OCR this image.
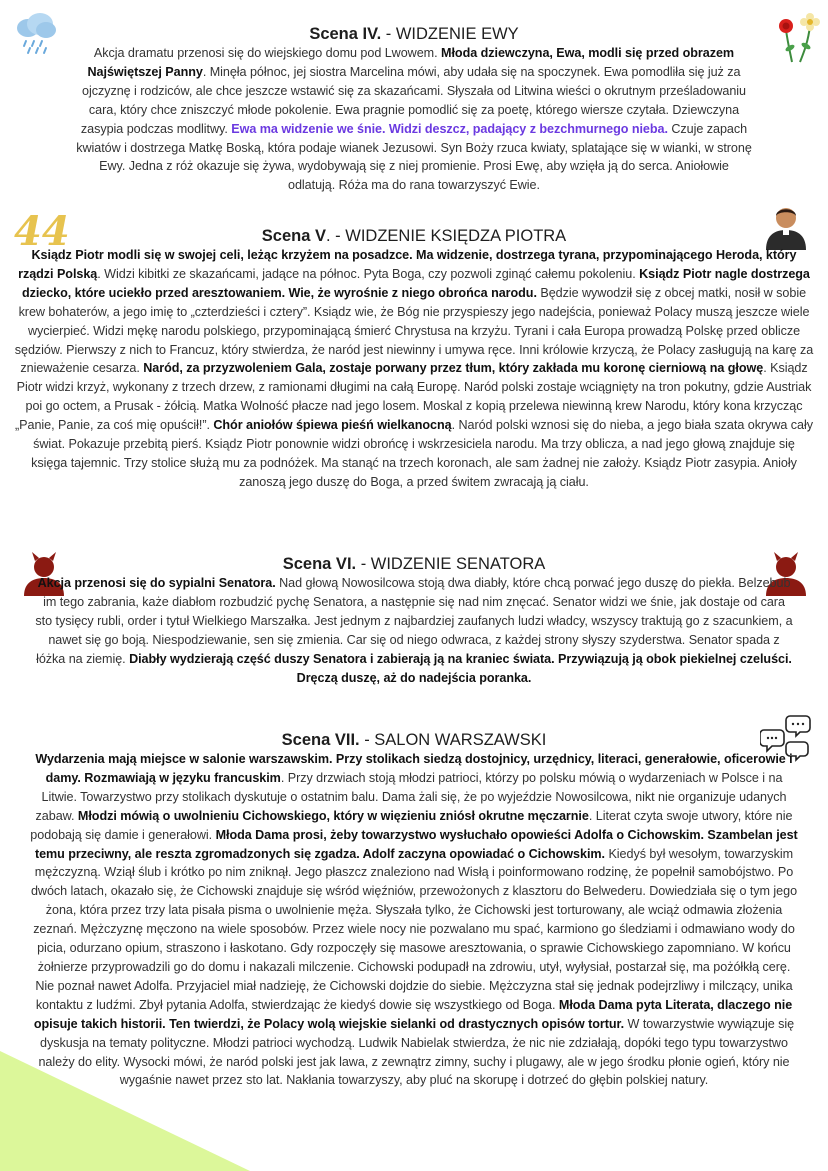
Scena IV. - WIDZENIE EWY

Akcja dramatu przenosi się do wiejskiego domu pod Lwowem. Młoda dziewczyna, Ewa, modli się przed obrazem Najświętszej Panny. Minęła północ, jej siostra Marcelina mówi, aby udała się na spoczynek. Ewa pomodliła się już za ojczyznę i rodziców, ale chce jeszcze wstawić się za skazańcami. Słyszała od Litwina wieści o okrutnym prześladowaniu cara, który chce zniszczyć młode pokolenie. Ewa pragnie pomodlić się za poetę, którego wiersze czytała. Dziewczyna zasypia podczas modlitwy. Ewa ma widzenie we śnie. Widzi deszcz, padający z bezchmurnego nieba. Czuje zapach kwiatów i dostrzega Matkę Boską, która podaje wianek Jezusowi. Syn Boży rzuca kwiaty, splatające się w wianki, w stronę Ewy. Jedna z róż okazuje się żywa, wydobywają się z niej promienie. Prosi Ewę, aby wzięła ją do serca. Aniołowie odlatują. Róża ma do rana towarzyszyć Ewie.

44	Scena V. - WIDZENIE KSIĘDZA PIOTRA

Ksiądz Piotr modli się w swojej celi, leżąc krzyżem na posadzce. Ma widzenie, dostrzega tyrana, przypominającego Heroda, który rządzi Polską. Widzi kibitki ze skazańcami, jadące na północ. Pyta Boga, czy pozwoli zginąć całemu pokoleniu. Ksiądz Piotr nagle dostrzega dziecko, które uciekło przed aresztowaniem. Wie, że wyrośnie z niego obrońca narodu. Będzie wywodził się z obcej matki, nosił w sobie krew bohaterów, a jego imię to „czterdzieści i cztery”. Ksiądz wie, że Bóg nie przyspieszy jego nadejścia, ponieważ Polacy muszą jeszcze wiele wycierpieć. Widzi mękę narodu polskiego, przypominającą śmierć Chrystusa na krzyżu. Tyrani i cała Europa prowadzą Polskę przed oblicze sędziów. Pierwszy z nich to Francuz, który stwierdza, że naród jest niewinny i umywa ręce. Inni królowie krzyczą, że Polacy zasługują na karę za znieważenie cesarza. Naród, za przyzwoleniem Gala, zostaje porwany przez tłum, który zakłada mu koronę cierniową na głowę. Ksiądz Piotr widzi krzyż, wykonany z trzech drzew, z ramionami długimi na całą Europę. Naród polski zostaje wciągnięty na tron pokutny, gdzie Austriak poi go octem, a Prusak - żółcią. Matka Wolność płacze nad jego losem. Moskal z kopią przelewa niewinną krew Narodu, który kona krzycząc „Panie, Panie, za coś mię opuścił!”. Chór aniołów śpiewa pieśń wielkanocną. Naród polski wznosi się do nieba, a jego biała szata okrywa cały świat. Pokazuje przebitą pierś. Ksiądz Piotr ponownie widzi obrońcę i wskrzesiciela narodu. Ma trzy oblicza, a nad jego głową znajduje się księga tajemnic. Trzy stolice służą mu za podnóżek. Ma stanąć na trzech koronach, ale sam żadnej nie założy. Ksiądz Piotr zasypia. Anioły zanoszą jego duszę do Boga, a przed świtem zwracają ją ciału.

Scena VI. - WIDZENIE SENATORA

Akcja przenosi się do sypialni Senatora. Nad głową Nowosilcowa stoją dwa diabły, które chcą porwać jego duszę do piekła. Belzebub im tego zabrania, każe diabłom rozbudzić pychę Senatora, a następnie się nad nim znęcać. Senator widzi we śnie, jak dostaje od cara sto tysięcy rubli, order i tytuł Wielkiego Marszałka. Jest jednym z najbardziej zaufanych ludzi władcy, wszyscy traktują go z szacunkiem, a nawet się go boją. Niespodziewanie, sen się zmienia. Car się od niego odwraca, z każdej strony słyszy szyderstwa. Senator spada z łóżka na ziemię. Diabły wydzierają część duszy Senatora i zabierają ją na kraniec świata. Przywiązują ją obok piekielnej czeluści. Dręczą duszę, aż do nadejścia poranka.

Scena VII. - SALON WARSZAWSKI

Wydarzenia mają miejsce w salonie warszawskim. Przy stolikach siedzą dostojnicy, urzędnicy, literaci, generałowie, oficerowie i damy. Rozmawiają w języku francuskim. Przy drzwiach stoją młodzi patrioci, którzy po polsku mówią o wydarzeniach w Polsce i na Litwie. Towarzystwo przy stolikach dyskutuje o ostatnim balu. Dama żali się, że po wyjeździe Nowosilcowa, nikt nie organizuje udanych zabaw. Młodzi mówią o uwolnieniu Cichowskiego, który w więzieniu zniósł okrutne męczarnie. Literat czyta swoje utwory, które nie podobają się damie i generałowi. Młoda Dama prosi, żeby towarzystwo wysłuchało opowieści Adolfa o Cichowskim. Szambelan jest temu przeciwny, ale reszta zgromadzonych się zgadza. Adolf zaczyna opowiadać o Cichowskim. Kiedyś był wesołym, towarzyskim mężczyzną. Wziął ślub i krótko po nim zniknął. Jego płaszcz znaleziono nad Wisłą i poinformowano rodzinę, że popełnił samobójstwo. Po dwóch latach, okazało się, że Cichowski znajduje się wśród więźniów, przewożonych z klasztoru do Belwederu. Dowiedziała się o tym jego żona, która przez trzy lata pisała pisma o uwolnienie męża. Słyszała tylko, że Cichowski jest torturowany, ale wciąż odmawia złożenia zeznań. Mężczyznę męczono na wiele sposobów. Przez wiele nocy nie pozwalano mu spać, karmiono go śledziami i odmawiano wody do picia, odurzano opium, straszono i łaskotano. Gdy rozpoczęły się masowe aresztowania, o sprawie Cichowskiego zapomniano. W końcu żołnierze przyprowadzili go do domu i nakazali milczenie. Cichowski podupadł na zdrowiu, utył, wyłysiał, postarzał się, ma pożółkłą cerę. Nie poznał nawet Adolfa. Przyjaciel miał nadzieję, że Cichowski dojdzie do siebie. Mężczyzna stał się jednak podejrzliwy i milczący, unika kontaktu z ludźmi. Zbył pytania Adolfa, stwierdzając że kiedyś dowie się wszystkiego od Boga. Młoda Dama pyta Literata, dlaczego nie opisuje takich historii. Ten twierdzi, że Polacy wolą wiejskie sielanki od drastycznych opisów tortur. W towarzystwie wywiązuje się dyskusja na tematy polityczne. Młodzi patrioci wychodzą. Ludwik Nabielak stwierdza, że nic nie zdziałają, dopóki tego typu towarzystwo należy do elity. Wysocki mówi, że naród polski jest jak lawa, z zewnątrz zimny, suchy i plugawy, ale w jego środku płonie ogień, który nie wygaśnie nawet przez sto lat. Nakłania towarzyszy, aby pluć na skorupę i dotrzeć do głębin polskiej natury.
